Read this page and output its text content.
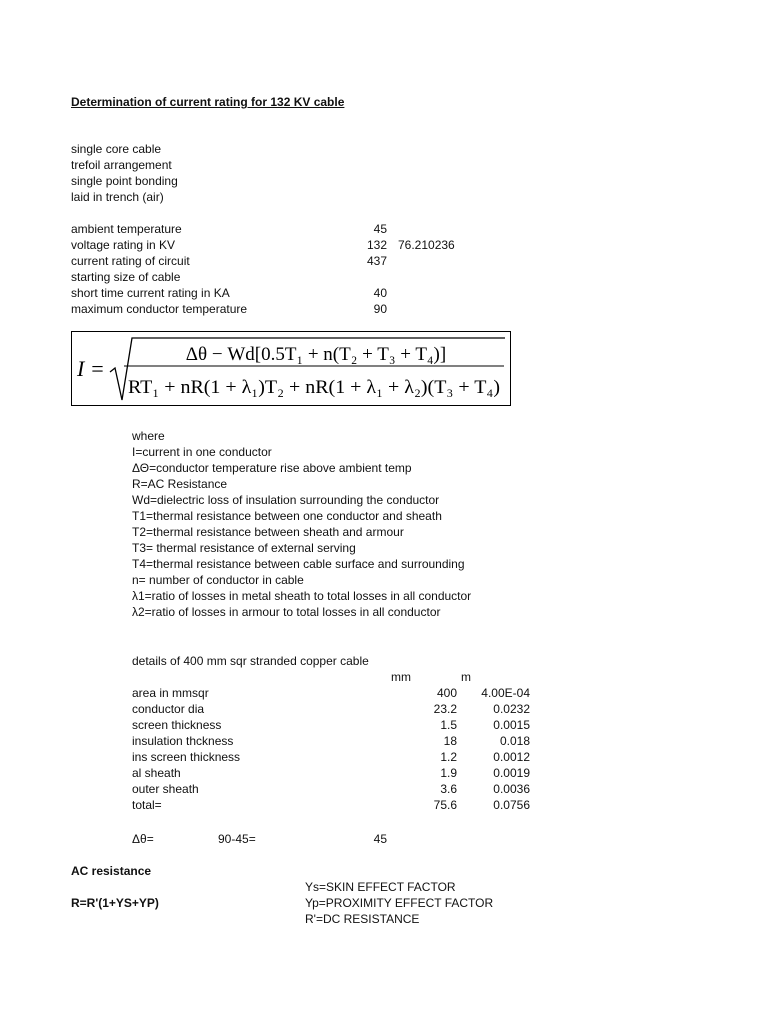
Determination of current rating for 132 KV cable
single core cable
trefoil arrangement
single point bonding
laid in trench (air)
ambient temperature	45
voltage rating in KV	132 76.210236
current rating of circuit	437
starting size of cable
short time current rating in KA	40
maximum conductor temperature	90
I =
Δθ − Wd[0.5T₁ + n(T₂ + T₃ + T₄)]
RT₁ + nR(1 + λ₁)T₂ + nR(1 + λ₁ + λ₂)(T₃ + T₄)
where
I=current in one conductor
ΔΘ=conductor temperature rise above ambient temp
R=AC Resistance
Wd=dielectric loss of insulation surrounding the conductor
T1=thermal resistance between one conductor and sheath
T2=thermal resistance between sheath and armour
T3= thermal resistance of external serving
T4=thermal resistance between cable surface and surrounding
n= number of conductor in cable
λ1=ratio of losses in metal sheath to total losses in all conductor
λ2=ratio of losses in armour to total losses in all conductor
details of 400 mm sqr stranded copper cable
mm	m
area in mmsqr	400	4.00E-04
conductor dia	23.2	0.0232
screen thickness	1.5	0.0015
insulation thckness	18	0.018
ins screen thickness	1.2	0.0012
al sheath	1.9	0.0019
outer sheath	3.6	0.0036
total=	75.6	0.0756
Δθ=	90-45=	45
AC resistance
R=R'(1+YS+YP)
Ys=SKIN EFFECT FACTOR
Yp=PROXIMITY EFFECT FACTOR
R'=DC RESISTANCE
